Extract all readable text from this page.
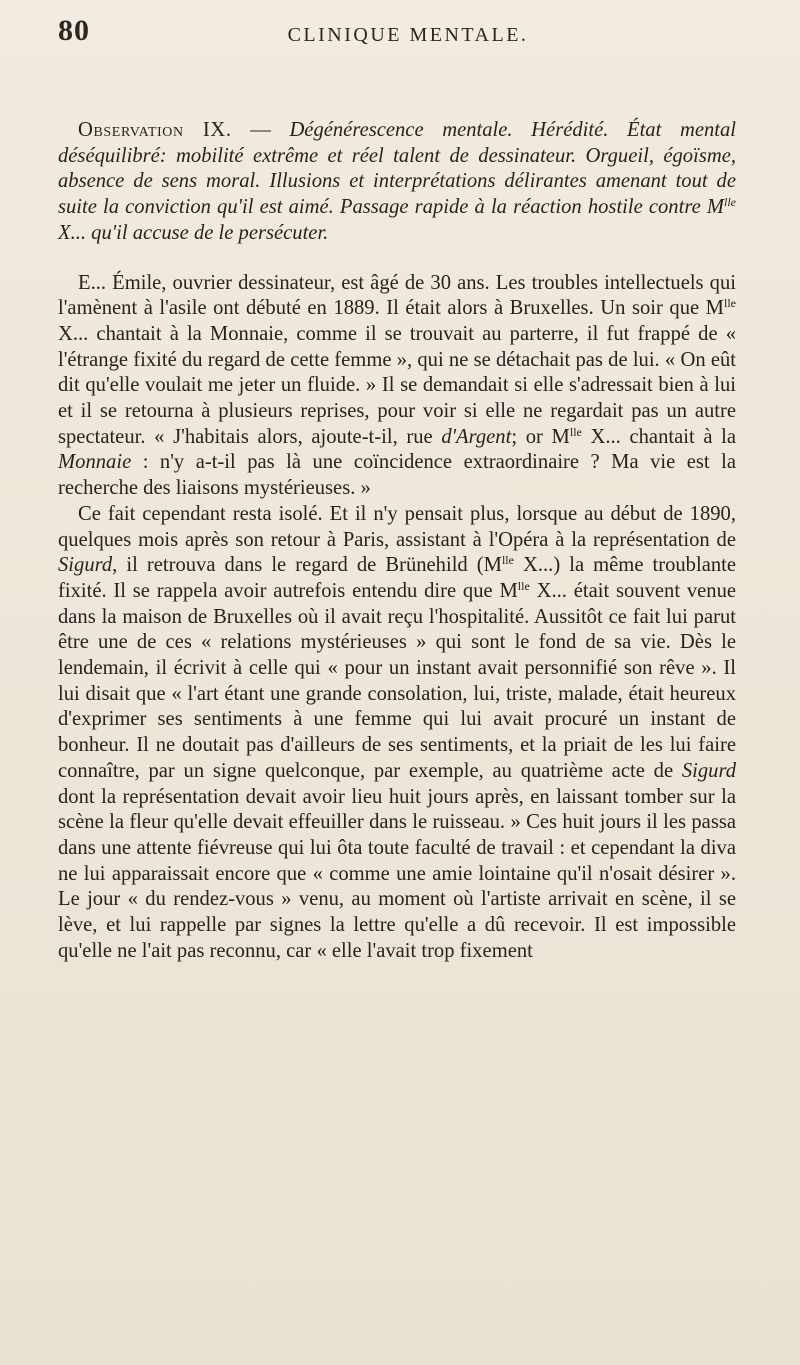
80	CLINIQUE MENTALE.

Observation IX. — Dégénérescence mentale. Hérédité. État mental déséquilibré: mobilité extrême et réel talent de dessinateur. Orgueil, égoïsme, absence de sens moral. Illusions et interprétations délirantes amenant tout de suite la conviction qu'il est aimé. Passage rapide à la réaction hostile contre $M^{lle}$ X... qu'il accuse de le persécuter.

E... Émile, ouvrier dessinateur, est âgé de 30 ans. Les troubles intellectuels qui l'amènent à l'asile ont débuté en 1889. Il était alors à Bruxelles. Un soir que $M^{lle}$ X... chantait à la Monnaie, comme il se trouvait au parterre, il fut frappé de « l'étrange fixité du regard de cette femme », qui ne se détachait pas de lui. « On eût dit qu'elle voulait me jeter un fluide. » Il se demandait si elle s'adressait bien à lui et il se retourna à plusieurs reprises, pour voir si elle ne regardait pas un autre spectateur. « J'habitais alors, ajoute-t-il, rue d'Argent; or $M^{lle}$ X... chantait à la Monnaie : n'y a-t-il pas là une coïncidence extraordinaire ? Ma vie est la recherche des liaisons mystérieuses. »

Ce fait cependant resta isolé. Et il n'y pensait plus, lorsque au début de 1890, quelques mois après son retour à Paris, assistant à l'Opéra à la représentation de Sigurd, il retrouva dans le regard de Brünehild ($M^{lle}$ X...) la même troublante fixité. Il se rappela avoir autrefois entendu dire que $M^{lle}$ X... était souvent venue dans la maison de Bruxelles où il avait reçu l'hospitalité. Aussitôt ce fait lui parut être une de ces « relations mystérieuses » qui sont le fond de sa vie. Dès le lendemain, il écrivit à celle qui « pour un instant avait personnifié son rêve ». Il lui disait que « l'art étant une grande consolation, lui, triste, malade, était heureux d'exprimer ses sentiments à une femme qui lui avait procuré un instant de bonheur. Il ne doutait pas d'ailleurs de ses sentiments, et la priait de les lui faire connaître, par un signe quelconque, par exemple, au quatrième acte de Sigurd dont la représentation devait avoir lieu huit jours après, en laissant tomber sur la scène la fleur qu'elle devait effeuiller dans le ruisseau. » Ces huit jours il les passa dans une attente fiévreuse qui lui ôta toute faculté de travail : et cependant la diva ne lui apparaissait encore que « comme une amie lointaine qu'il n'osait désirer ». Le jour « du rendez-vous » venu, au moment où l'artiste arrivait en scène, il se lève, et lui rappelle par signes la lettre qu'elle a dû recevoir. Il est impossible qu'elle ne l'ait pas reconnu, car « elle l'avait trop fixement
